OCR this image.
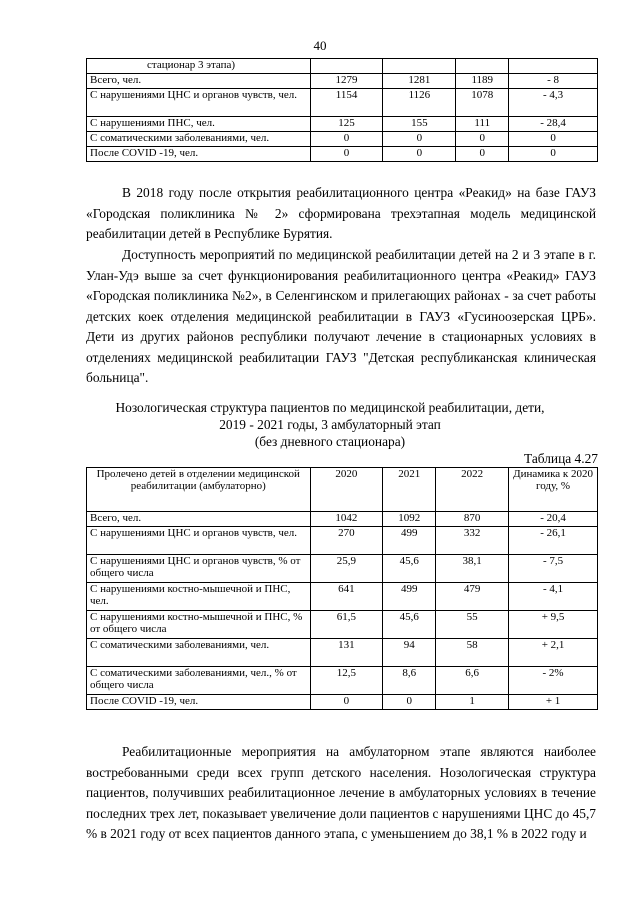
40
стационар 3 этапа)				
Всего, чел.	1279	1281	1189	- 8
С нарушениями ЦНС и органов чувств, чел.	1154	1126	1078	- 4,3
С нарушениями ПНС, чел.	125	155	111	- 28,4
С соматическими заболеваниями, чел.	0	0	0	0
После COVID -19, чел.	0	0	0	0

В 2018 году после открытия реабилитационного центра «Реакид» на базе ГАУЗ «Городская поликлиника № 2» сформирована трехэтапная модель медицинской реабилитации детей в Республике Бурятия.

Доступность мероприятий по медицинской реабилитации детей на 2 и 3 этапе в г. Улан-Удэ выше за счет функционирования реабилитационного центра «Реакид» ГАУЗ «Городская поликлиника №2», в Селенгинском и прилегающих районах - за счет работы детских коек отделения медицинской реабилитации в ГАУЗ «Гусиноозерская ЦРБ». Дети из других районов республики получают лечение в стационарных условиях в отделениях медицинской реабилитации ГАУЗ "Детская республиканская клиническая больница".

Нозологическая структура пациентов по медицинской реабилитации, дети,
2019 - 2021 годы, 3 амбулаторный этап
(без дневного стационара)
Таблица 4.27
Пролечено детей в отделении медицинской реабилитации (амбулаторно)	2020	2021	2022	Динамика к 2020 году, %
Всего, чел.	1042	1092	870	- 20,4
С нарушениями ЦНС и органов чувств, чел.	270	499	332	- 26,1
С нарушениями ЦНС и органов чувств, % от общего числа	25,9	45,6	38,1	- 7,5
С нарушениями костно-мышечной и ПНС, чел.	641	499	479	- 4,1
С нарушениями костно-мышечной и ПНС, % от общего числа	61,5	45,6	55	+ 9,5
С соматическими заболеваниями, чел.	131	94	58	+ 2,1
С соматическими заболеваниями, чел., % от общего числа	12,5	8,6	6,6	- 2%
После COVID -19, чел.	0	0	1	+ 1

Реабилитационные мероприятия на амбулаторном этапе являются наиболее востребованными среди всех групп детского населения. Нозологическая структура пациентов, получивших реабилитационное лечение в амбулаторных условиях в течение последних трех лет, показывает увеличение доли пациентов с нарушениями ЦНС до 45,7 % в 2021 году от всех пациентов данного этапа, с уменьшением до 38,1 % в 2022 году и
